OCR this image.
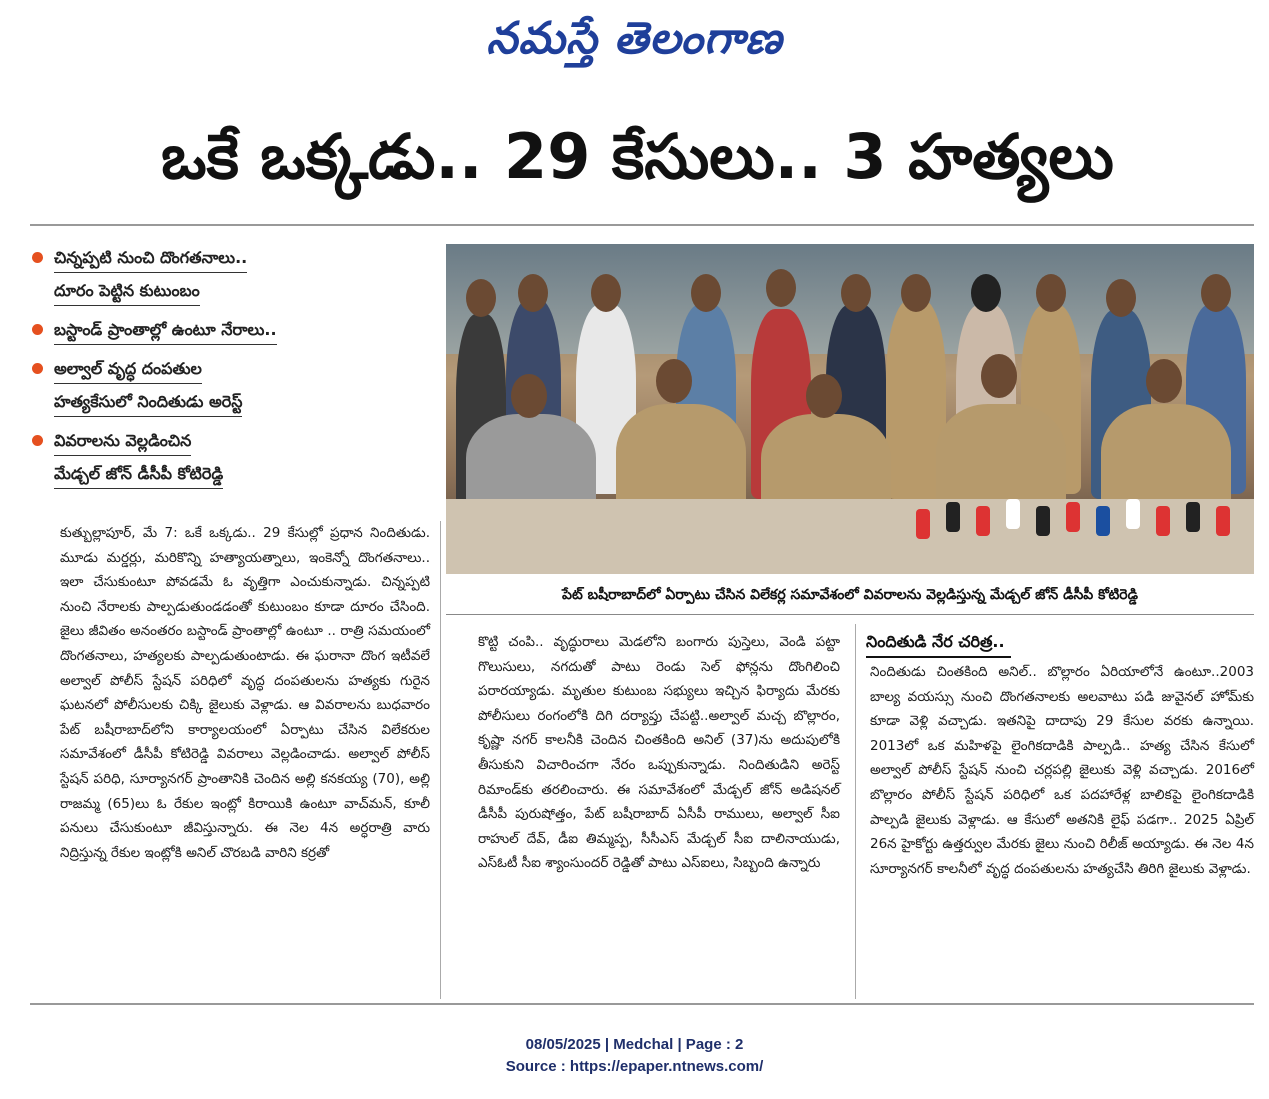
నమస్తే తెలంగాణ
ఒకే ఒక్కడు.. 29 కేసులు.. 3 హత్యలు
చిన్నప్పటి నుంచి దొంగతనాలు..
దూరం పెట్టిన కుటుంబం
బస్టాండ్ ప్రాంతాల్లో ఉంటూ నేరాలు..
అల్వాల్ వృద్ధ దంపతుల
హత్యకేసులో నిందితుడు అరెస్ట్
వివరాలను వెల్లడించిన
మేడ్చల్ జోన్ డీసీపీ కోటిరెడ్డి
పేట్ బషీరాబాద్‌లో ఏర్పాటు చేసిన విలేకర్ల సమావేశంలో వివరాలను వెల్లడిస్తున్న మేడ్చల్ జోన్ డీసీపీ కోటిరెడ్డి

కుత్బుల్లాపూర్, మే 7: ఒకే ఒక్కడు.. 29 కేసుల్లో ప్రధాన నిందితుడు. మూడు మర్డర్లు, మరికొన్ని హత్యాయత్నాలు, ఇంకెన్నో దొంగతనాలు.. ఇలా చేసుకుంటూ పోవడమే ఓ వృత్తిగా ఎంచుకున్నాడు. చిన్నప్పటి నుంచి నేరాలకు పాల్పడుతుండడంతో కుటుంబం కూడా దూరం చేసింది. జైలు జీవితం అనంతరం బస్టాండ్ ప్రాంతాల్లో ఉంటూ .. రాత్రి సమయంలో దొంగతనాలు, హత్యలకు పాల్పడుతుంటాడు. ఈ ఘరానా దొంగ ఇటీవలే అల్వాల్ పోలీస్ స్టేషన్ పరిధిలో వృద్ధ దంపతులను హత్యకు గురైన ఘటనలో పోలీసులకు చిక్కి జైలుకు వెళ్లాడు. ఆ వివరాలను బుధవారం పేట్ బషీరాబాద్‌లోని కార్యాలయంలో ఏర్పాటు చేసిన విలేకరుల సమావేశంలో డీసీపీ కోటిరెడ్డి వివరాలు వెల్లడించాడు. అల్వాల్ పోలీస్ స్టేషన్ పరిధి, సూర్యానగర్ ప్రాంతానికి చెందిన అల్లి కనకయ్య (70), అల్లి రాజమ్మ (65)లు ఓ రేకుల ఇంట్లో కిరాయికి ఉంటూ వాచ్‌మన్, కూలీ పనులు చేసుకుంటూ జీవిస్తున్నారు. ఈ నెల 4న అర్ధరాత్రి వారు నిద్రిస్తున్న రేకుల ఇంట్లోకి అనిల్ చొరబడి వారిని కర్రతో

కొట్టి చంపి.. వృద్ధురాలు మెడలోని బంగారు పుస్తెలు, వెండి పట్టా గొలుసులు, నగదుతో పాటు రెండు సెల్ ఫోన్లను దొంగిలించి పరారయ్యాడు. మృతుల కుటుంబ సభ్యులు ఇచ్చిన ఫిర్యాదు మేరకు పోలీసులు రంగంలోకి దిగి దర్యాప్తు చేపట్టి..అల్వాల్ మచ్చ బొల్లారం, కృష్ణా నగర్ కాలనీకి చెందిన చింతకింది అనిల్ (37)ను అదుపులోకి తీసుకుని విచారించగా నేరం ఒప్పుకున్నాడు. నిందితుడిని అరెస్ట్ రిమాండ్‌కు తరలించారు. ఈ సమావేశంలో మేడ్చల్ జోన్ అడిషనల్ డీసీపీ పురుషోత్తం, పేట్ బషీరాబాద్ ఏసీపీ రాములు, అల్వాల్ సీఐ రాహుల్ దేవ్, డీఐ తిమ్మప్ప, సీసీఎస్ మేడ్చల్ సీఐ దాలినాయుడు, ఎస్ఓటీ సీఐ శ్యాంసుందర్ రెడ్డితో పాటు ఎస్ఐలు, సిబ్బంది ఉన్నారు

నిందితుడి నేర చరిత్ర..

నిందితుడు చింతకింది అనిల్.. బొల్లారం ఏరియాలోనే ఉంటూ..2003 బాల్య వయస్సు నుంచి దొంగతనాలకు అలవాటు పడి జువైనల్ హోమ్‌కు కూడా వెళ్లి వచ్చాడు. ఇతనిపై దాదాపు 29 కేసుల వరకు ఉన్నాయి. 2013లో ఒక మహిళపై లైంగికదాడికి పాల్పడి.. హత్య చేసిన కేసులో అల్వాల్ పోలీస్ స్టేషన్ నుంచి చర్లపల్లి జైలుకు వెళ్లి వచ్చాడు. 2016లో బొల్లారం పోలీస్ స్టేషన్ పరిధిలో ఒక పదహారేళ్ల బాలికపై లైంగికదాడికి పాల్పడి జైలుకు వెళ్లాడు. ఆ కేసులో అతనికి లైఫ్ పడగా.. 2025 ఏప్రిల్ 26న హైకోర్టు ఉత్తర్వుల మేరకు జైలు నుంచి రిలీజ్ అయ్యాడు. ఈ నెల 4న సూర్యానగర్ కాలనీలో వృద్ధ దంపతులను హత్యచేసి తిరిగి జైలుకు వెళ్లాడు.

08/05/2025 | Medchal | Page : 2
Source : https://epaper.ntnews.com/
